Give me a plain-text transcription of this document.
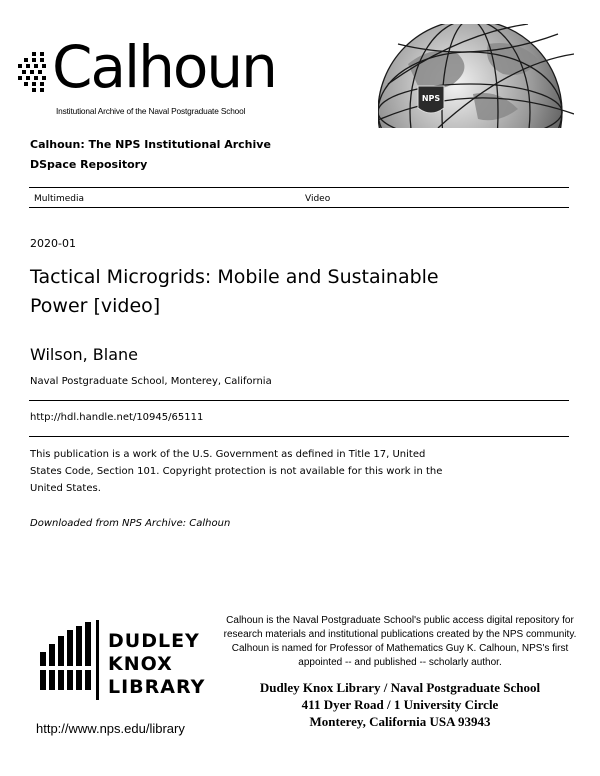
Calhoun
Institutional Archive of the Naval Postgraduate School
NPS
Calhoun: The NPS Institutional Archive
DSpace Repository
Multimedia	Video
2020-01
Tactical Microgrids: Mobile and Sustainable
Power [video]
Wilson, Blane
Naval Postgraduate School, Monterey, California
http://hdl.handle.net/10945/65111
This publication is a work of the U.S. Government as defined in Title 17, United
States Code, Section 101. Copyright protection is not available for this work in the
United States.
Downloaded from NPS Archive: Calhoun
DUDLEY
KNOX
LIBRARY
Calhoun is the Naval Postgraduate School's public access digital repository for
research materials and institutional publications created by the NPS community.
Calhoun is named for Professor of Mathematics Guy K. Calhoun, NPS's first
appointed -- and published -- scholarly author.
Dudley Knox Library / Naval Postgraduate School
411 Dyer Road / 1 University Circle
Monterey, California USA 93943
http://www.nps.edu/library
